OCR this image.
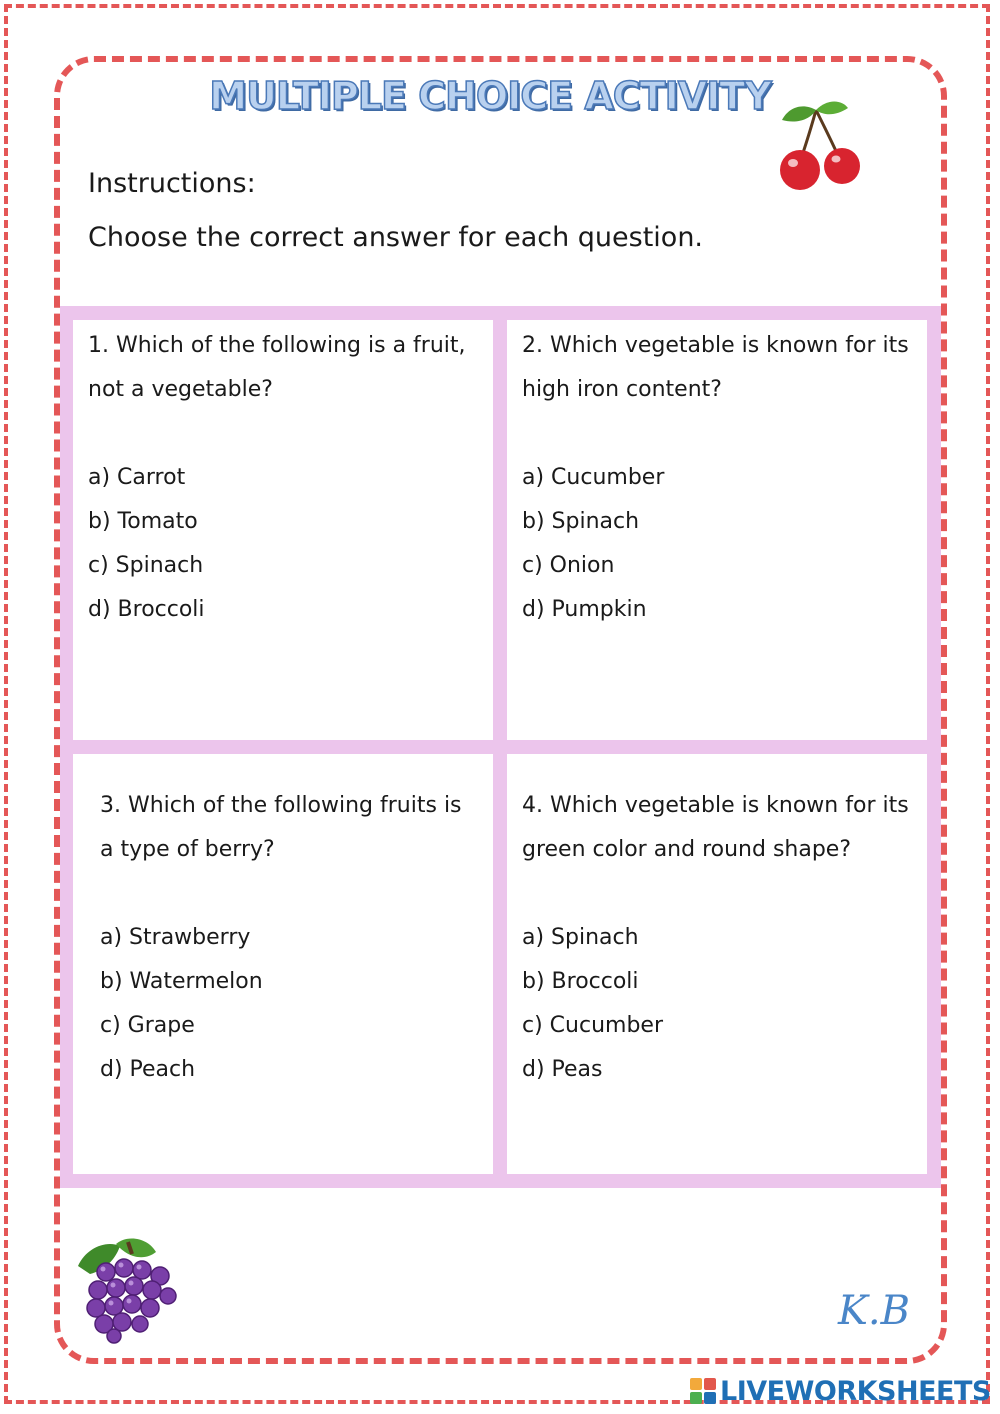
MULTIPLE CHOICE ACTIVITY
Instructions:
Choose the correct answer for each question.

1. Which of the following is a fruit, not a vegetable?

a) Carrot

b) Tomato

c) Spinach

d) Broccoli

2. Which vegetable is known for its high iron content?

a) Cucumber

b) Spinach

c) Onion

d) Pumpkin

3. Which of the following fruits is a type of berry?

a) Strawberry

b) Watermelon

c) Grape

d) Peach

4. Which vegetable is known for its green color and round shape?

a) Spinach

b) Broccoli

c) Cucumber

d) Peas

K.B
LIVEWORKSHEETS
